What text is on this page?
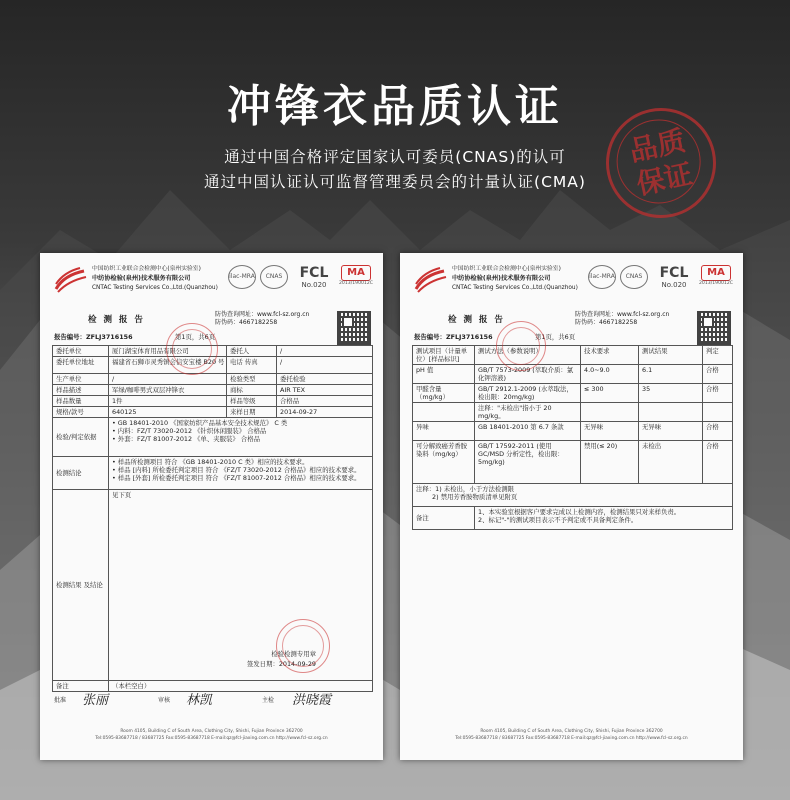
冲锋衣品质认证
通过中国合格评定国家认可委员(CNAS)的认可
通过中国认证认可监督管理委员会的计量认证(CMA)
品质
保证
中国纺织工业联合会检测中心(泉州实验室)
中纺协检验(泉州)技术服务有限公司
CNTAC Testing Services Co.,Ltd.(Quanzhou)
ilac-MRA	CNAS	FCL
No.020
MA
2013/190012C
检 测 报 告
防伪查询网址：www.fcl-sz.org.cn
防伪码：4667182258
报告编号：ZFLJ3716156	第1页，共6页
委托单位	厦门湖宝体育用品有限公司	委托人	/
委托单位地址	福建省石狮市灵秀镇会信安宝楼 B20 号	电话 传真	/
生产单位	/	检验类型	委托检验
样品描述	军绿/咖啡男式双层冲锋衣	商标	AIR TEX
样品数量	1件	样品等级	合格品
规格/款号	640125	来样日期	2014-09-27
检验/判定依据	• GB 18401-2010 《国家纺织产品基本安全技术规范》 C 类
• 内料：FZ/T 73020-2012 《针织休闲服装》 合格品
• 外套：FZ/T 81007-2012 《单、夹服装》 合格品		

检测结论	• 样品所检测项目 符合 《GB 18401-2010 C 类》相应的技术要求。
• 样品 [内料] 所检委托判定项目 符合 《FZ/T 73020-2012 合格品》相应的技术要求。
• 样品 [外套] 所检委托判定项目 符合 《FZ/T 81007-2012 合格品》相应的技术要求。		

检测结果 及结论	见下页
检验检测专用章
签发日期：2014-09-29		

备注	（本栏空白）		
批准 张丽	审核 林凯	主检 洪晓霞
Room 4105, Building C of South Area, Clothing City, Shishi, Fujian Province 362700
Tel:0595-83687718 / 83687725 Fax:0595-83687718 E-mail:qz@fcl-jiaxing.com.cn http://www.fcl-sz.org.cn
中国纺织工业联合会检测中心(泉州实验室)
中纺协检验(泉州)技术服务有限公司
CNTAC Testing Services Co.,Ltd.(Quanzhou)
ilac-MRA	CNAS	FCL
No.020
MA
2013/190012C
检 测 报 告
防伪查询网址：www.fcl-sz.org.cn
防伪码：4667182258
报告编号：ZFLJ3716156	第1页，共6页
测试项目（计量单位）[样品标识]	测试方法（参数说明）	技术要求	测试结果	判定
pH 值	GB/T 7573-2009 (萃取介质：氯化钾溶液)	4.0~9.0	6.1	合格
甲醛含量（mg/kg）	GB/T 2912.1-2009 (水萃取法，检出限：20mg/kg)	≤ 300	35	合格
	注释："未检出"指小于 20 mg/kg。			
异味	GB 18401-2010 第 6.7 条款	无异味	无异味	合格
可分解致癌芳香胺染料（mg/kg）	GB/T 17592-2011 (使用 GC/MSD 分析定性，检出限：5mg/kg)	禁用(≤ 20)	未检出	合格

注释：1) 未检出，小于方法检测限
2) 禁用芳香胺物质清单见附页				

备注	1、本实验室根据客户要求完成以上检测内容，检测结果只对来样负责。
2、标记"-"的测试项目表示不予判定或不具备判定条件。			
Room 4105, Building C of South Area, Clothing City, Shishi, Fujian Province 362700
Tel:0595-83687718 / 83687725 Fax:0595-83687718 E-mail:qz@fcl-jiaxing.com.cn http://www.fcl-sz.org.cn
